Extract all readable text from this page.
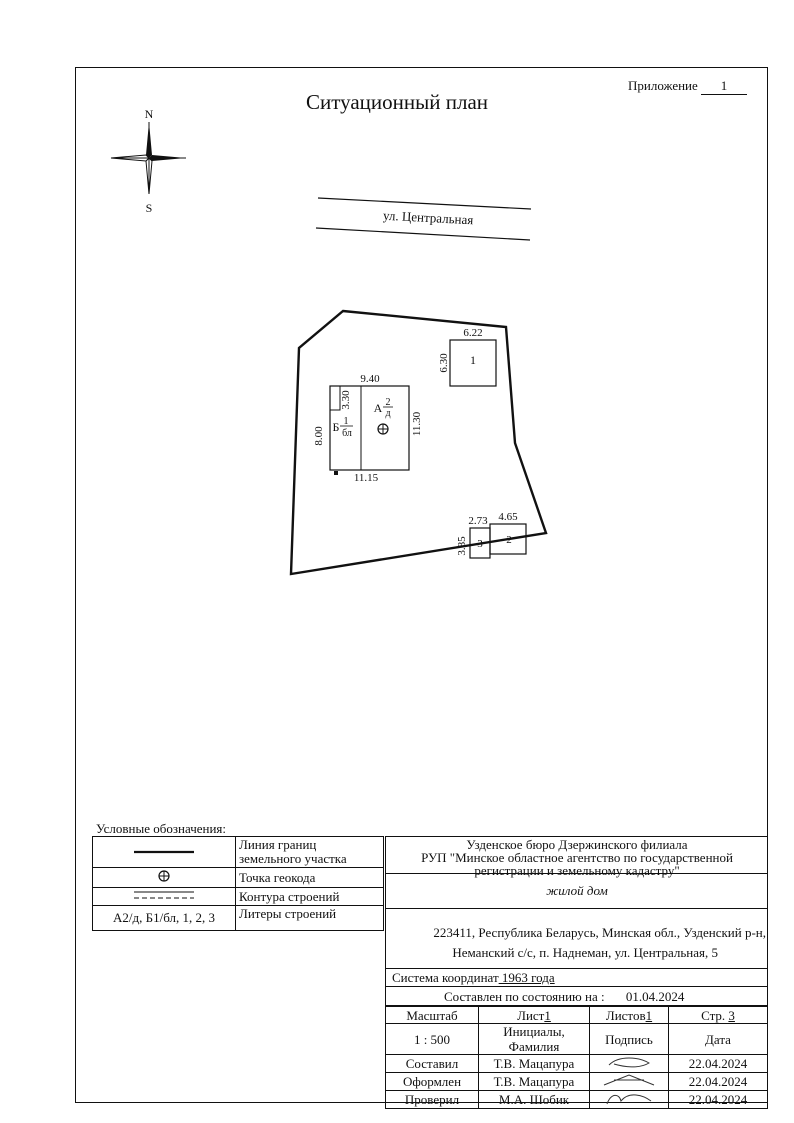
Приложение 1
Ситуационный план
N
S	ул. Центральная
1
6.22
6.30
9.40
11.30
11.15
8.00
3.30 А 2
д
Б 1
бл
3 2
2.73 4.65
3.85
Условные обозначения:
	Линия границ земельного участка
	Точка геокода
	Контура строений
А2/д, Б1/бл, 1, 2, 3	Литеры строений
Узденское бюро Дзержинского филиала
РУП "Минское областное агентство по государственной
регистрации и земельному кадастру"
жилой дом
223411, Республика Беларусь, Минская обл., Узденский р-н,
Неманский с/с, п. Наднеман, ул. Центральная, 5
Система координат 1963 года
Составлен по состоянию на : 01.04.2024
Масштаб	Лист1	Листов1	Стр. 3
1 : 500	Инициалы, Фамилия	Подпись	Дата
Составил	Т.В. Мацапура		22.04.2024
Оформлен	Т.В. Мацапура		22.04.2024
Проверил	М.А. Шобик		22.04.2024
